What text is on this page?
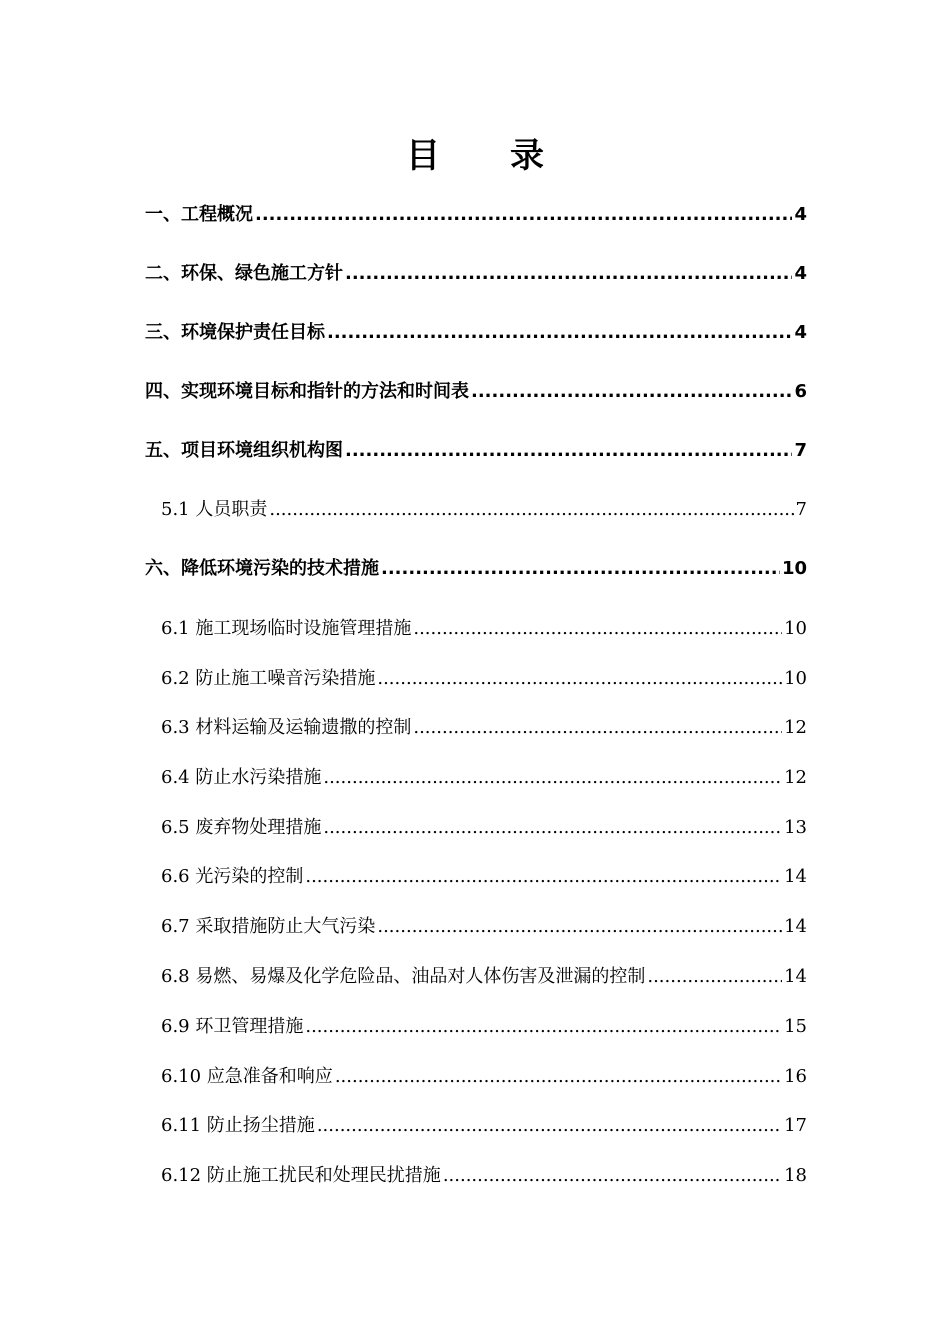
目录
一、工程概况 .....	4
二、环保、绿色施工方针 .....	4
三、环境保护责任目标 .....	4
四、实现环境目标和指针的方法和时间表 .....	6
五、项目环境组织机构图 .....	7
5.1 人员职责 .....	7
六、降低环境污染的技术措施 .....	10
6.1 施工现场临时设施管理措施 .....	10
6.2 防止施工噪音污染措施 .....	10
6.3 材料运输及运输遗撒的控制 .....	12
6.4 防止水污染措施 .....	12
6.5 废弃物处理措施 .....	13
6.6 光污染的控制 .....	14
6.7 采取措施防止大气污染 .....	14
6.8 易燃、易爆及化学危险品、油品对人体伤害及泄漏的控制 .....	14
6.9 环卫管理措施 .....	15
6.10 应急准备和响应 .....	16
6.11 防止扬尘措施 .....	17
6.12 防止施工扰民和处理民扰措施 .....	18
